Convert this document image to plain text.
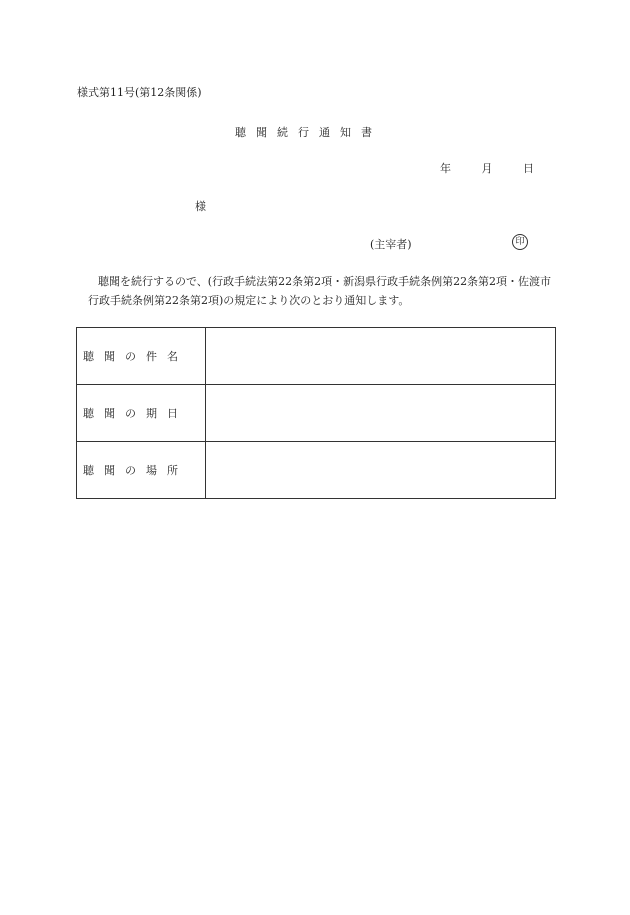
様式第11号(第12条関係)
聴聞続行通知書
年	月	日
様
(主宰者)	印
聴聞を続行するので、(行政手続法第22条第2項・新潟県行政手続条例第22条第2項・佐渡市行政手続条例第22条第2項)の規定により次のとおり通知します。
聴聞の件名	
聴聞の期日	
聴聞の場所	
